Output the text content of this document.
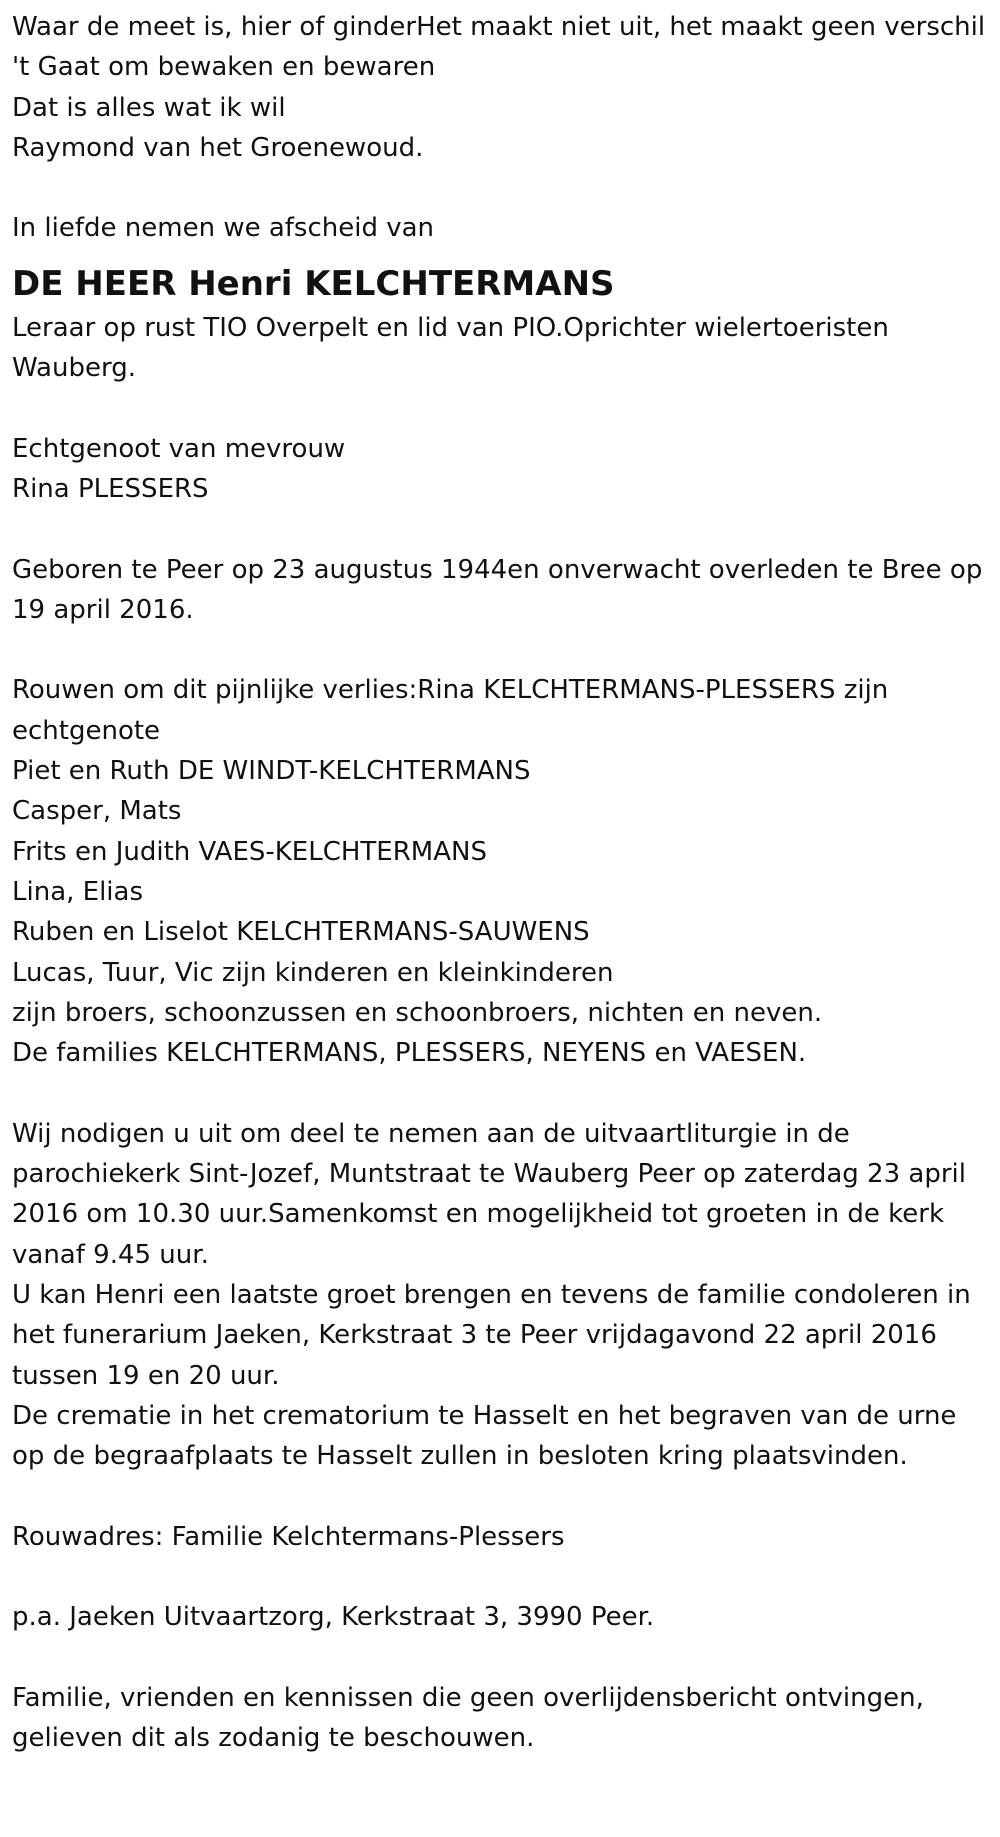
Waar de meet is, hier of ginderHet maakt niet uit, het maakt geen verschil

't Gaat om bewaken en bewaren

Dat is alles wat ik wil

Raymond van het Groenewoud.

In liefde nemen we afscheid van

DE HEER Henri KELCHTERMANS

Leraar op rust TIO Overpelt en lid van PIO.Oprichter wielertoeristen Wauberg.

Echtgenoot van mevrouw

Rina PLESSERS

Geboren te Peer op 23 augustus 1944en onverwacht overleden te Bree op 19 april 2016.

Rouwen om dit pijnlijke verlies:Rina KELCHTERMANS-PLESSERS zijn echtgenote

Piet en Ruth DE WINDT-KELCHTERMANS

Casper, Mats

Frits en Judith VAES-KELCHTERMANS

Lina, Elias

Ruben en Liselot KELCHTERMANS-SAUWENS

Lucas, Tuur, Vic zijn kinderen en kleinkinderen

zijn broers, schoonzussen en schoonbroers, nichten en neven.

De families KELCHTERMANS, PLESSERS, NEYENS en VAESEN.

Wij nodigen u uit om deel te nemen aan de uitvaartliturgie in de parochiekerk Sint-Jozef, Muntstraat te Wauberg Peer op zaterdag 23 april 2016 om 10.30 uur.Samenkomst en mogelijkheid tot groeten in de kerk vanaf 9.45 uur.

U kan Henri een laatste groet brengen en tevens de familie condoleren in het funerarium Jaeken, Kerkstraat 3 te Peer vrijdagavond 22 april 2016 tussen 19 en 20 uur.

De crematie in het crematorium te Hasselt en het begraven van de urne op de begraafplaats te Hasselt zullen in besloten kring plaatsvinden.

Rouwadres: Familie Kelchtermans-Plessers

p.a. Jaeken Uitvaartzorg, Kerkstraat 3, 3990 Peer.

Familie, vrienden en kennissen die geen overlijdensbericht ontvingen, gelieven dit als zodanig te beschouwen.
